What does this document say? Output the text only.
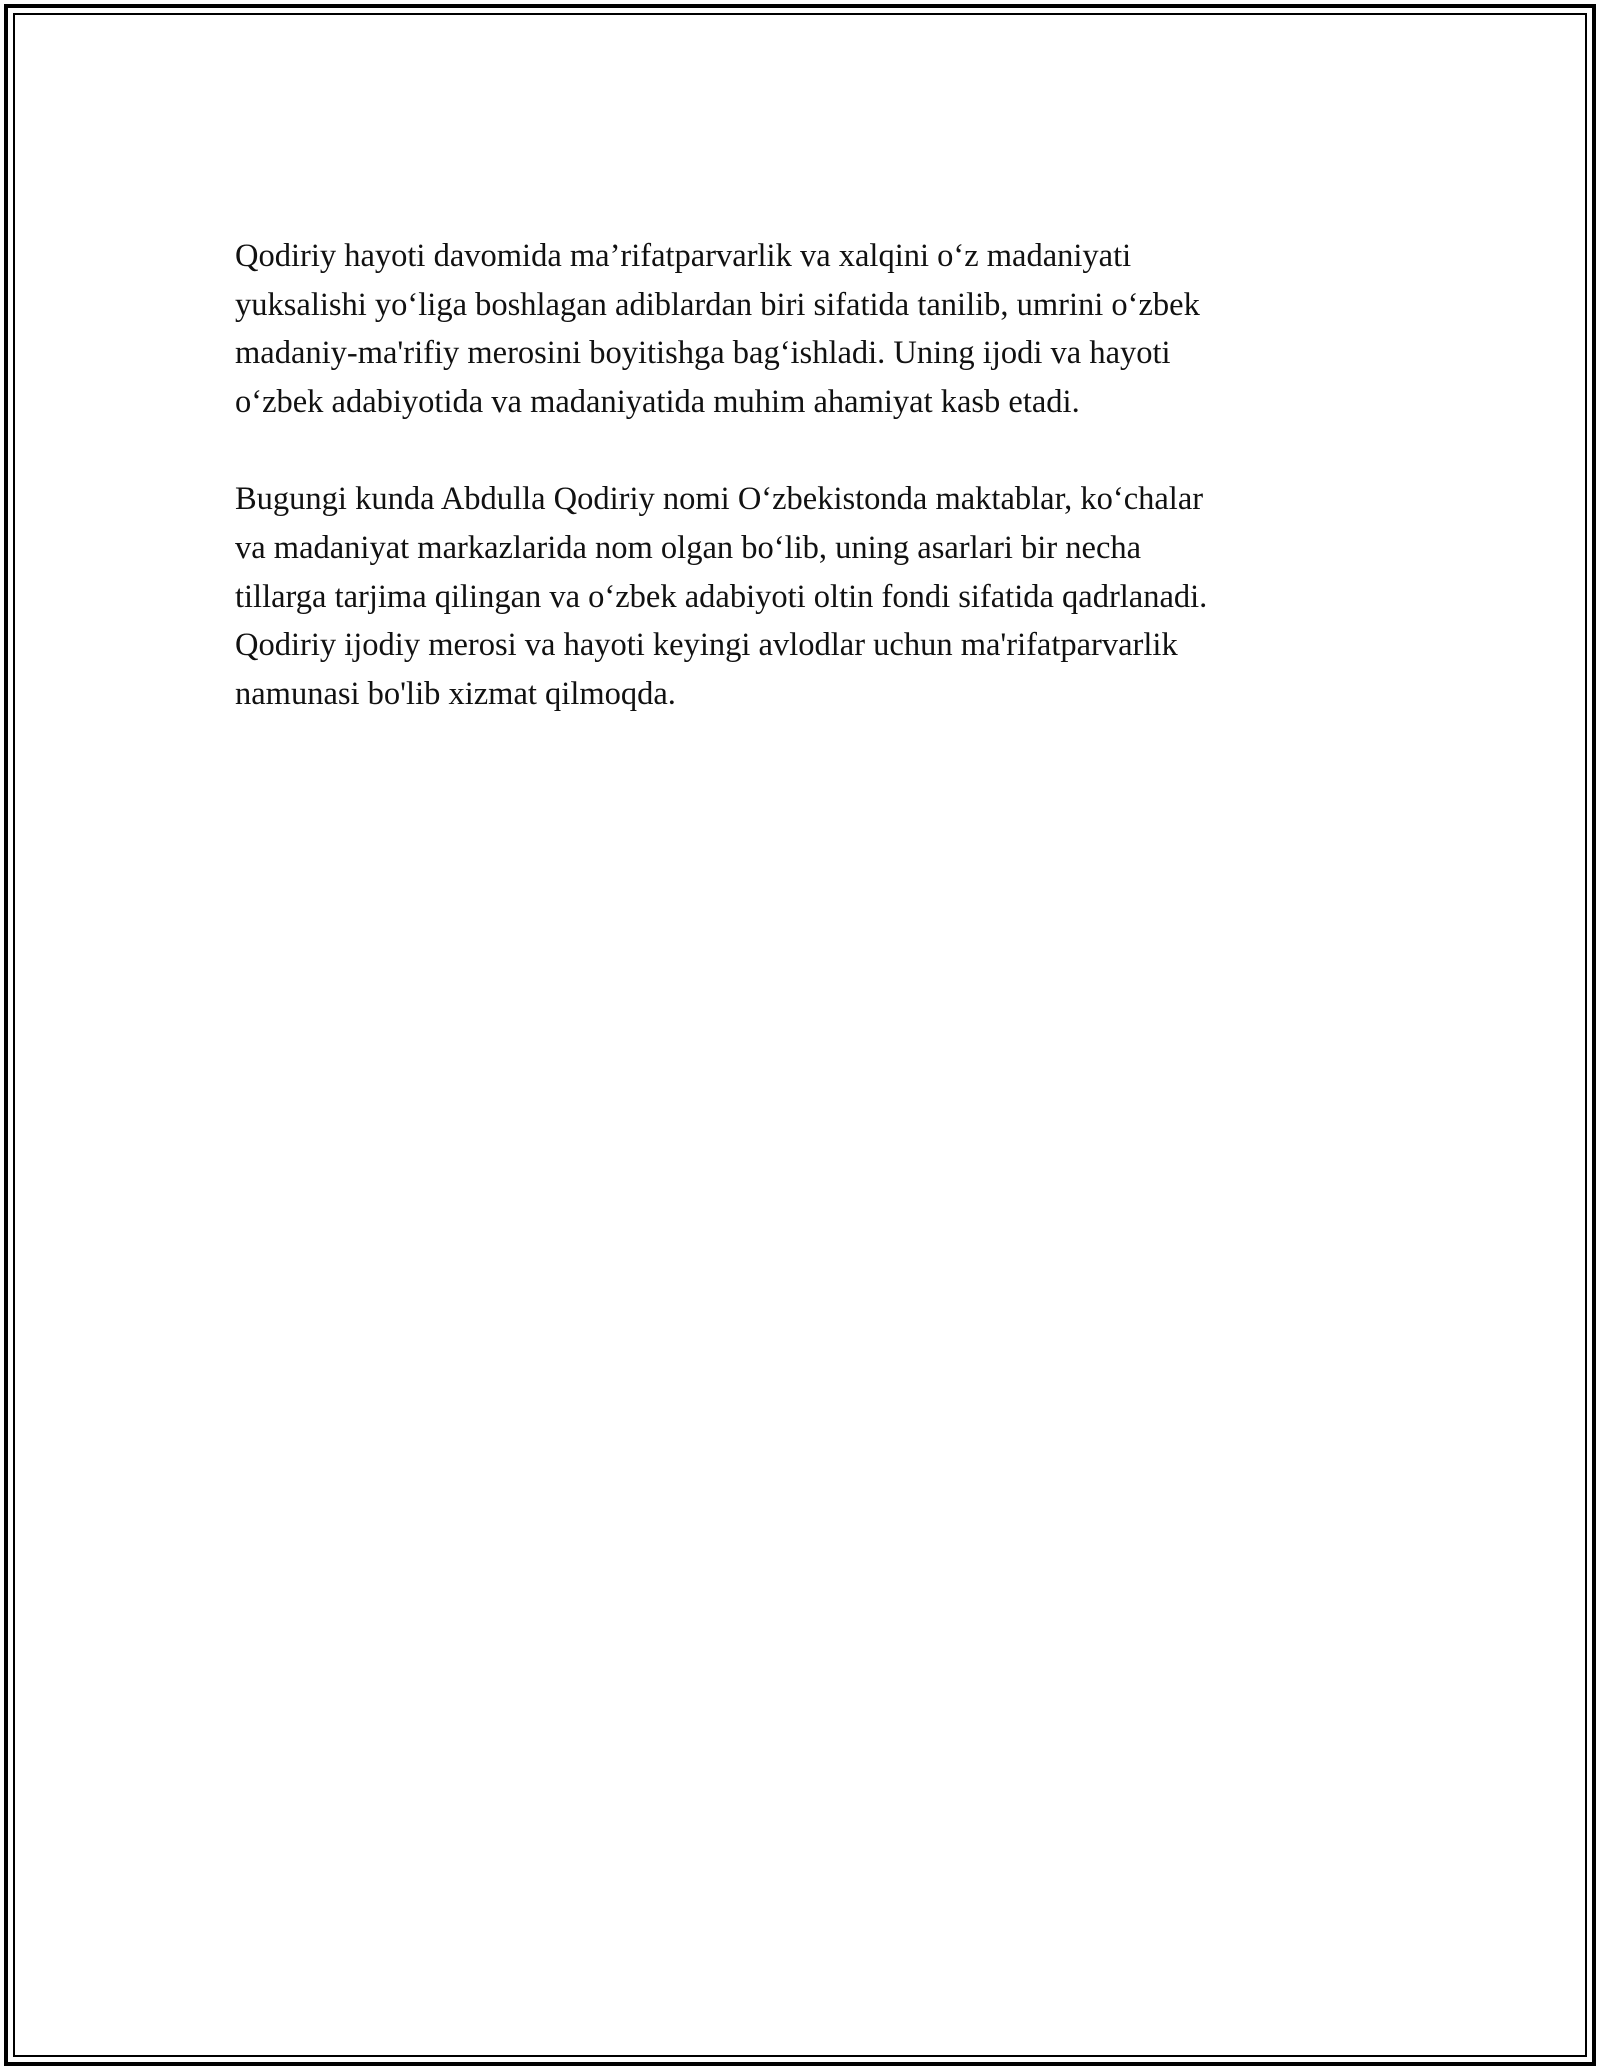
Qodiriy hayoti davomida ma’rifatparvarlik va xalqini o‘z madaniyati
yuksalishi yo‘liga boshlagan adiblardan biri sifatida tanilib, umrini o‘zbek
madaniy-ma'rifiy merosini boyitishga bag‘ishladi. Uning ijodi va hayoti
o‘zbek adabiyotida va madaniyatida muhim ahamiyat kasb etadi.

Bugungi kunda Abdulla Qodiriy nomi O‘zbekistonda maktablar, ko‘chalar
va madaniyat markazlarida nom olgan bo‘lib, uning asarlari bir necha
tillarga tarjima qilingan va o‘zbek adabiyoti oltin fondi sifatida qadrlanadi.
Qodiriy ijodiy merosi va hayoti keyingi avlodlar uchun ma'rifatparvarlik
namunasi bo'lib xizmat qilmoqda.
